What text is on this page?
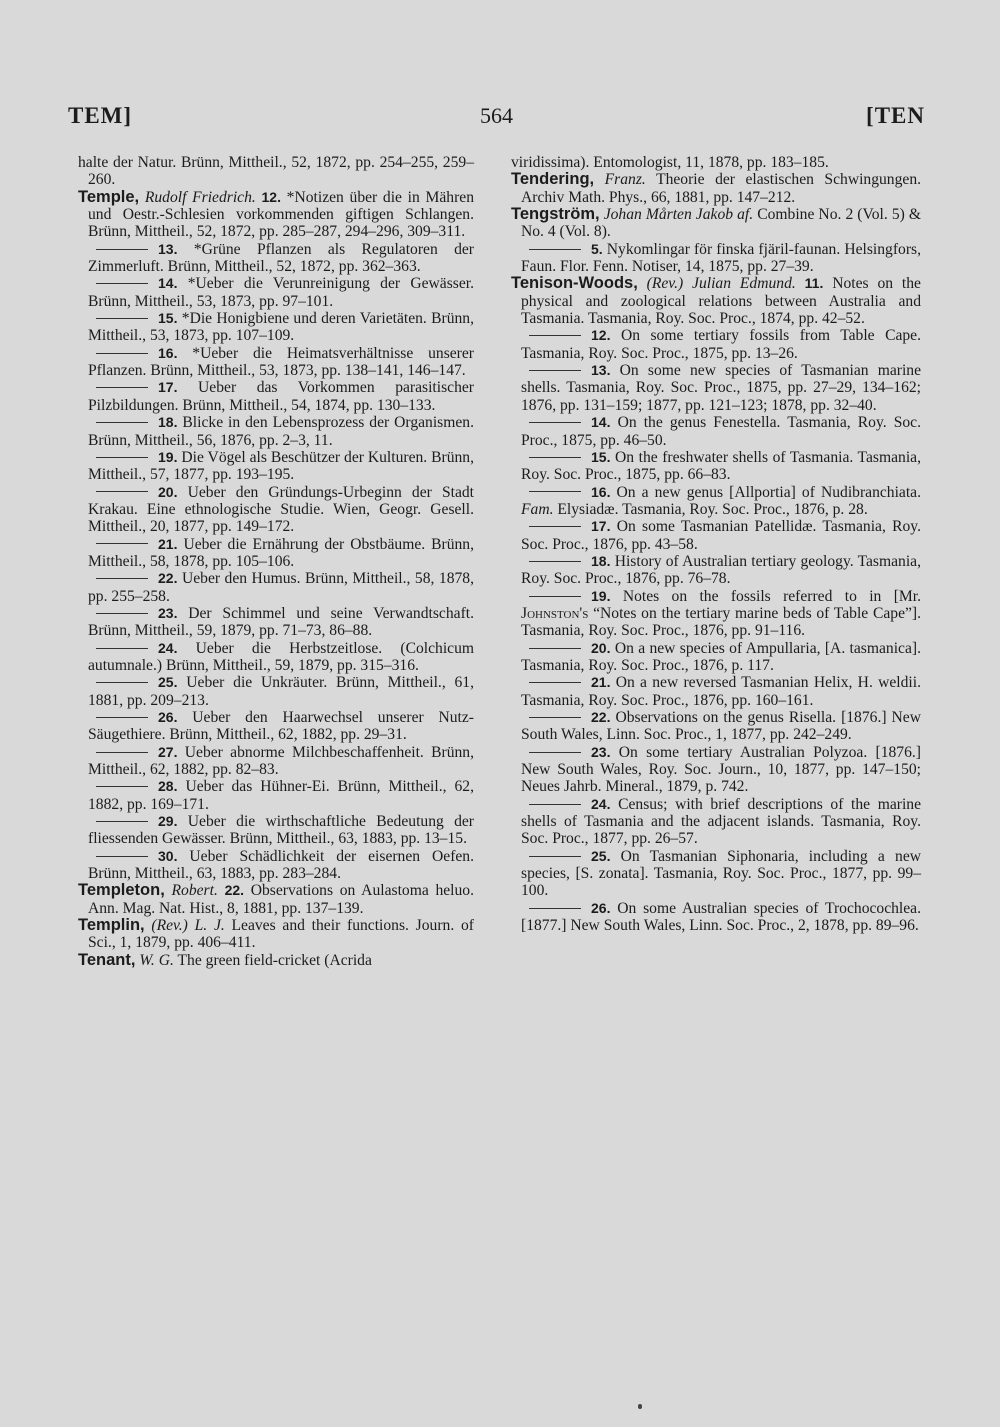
TEM]	564	[TEN

halte der Natur. Brünn, Mittheil., 52, 1872, pp. 254–255, 259–260.

Temple, Rudolf Friedrich. 12. *Notizen über die in Mähren und Oestr.-Schlesien vorkommenden giftigen Schlangen. Brünn, Mittheil., 52, 1872, pp. 285–287, 294–296, 309–311.

13. *Grüne Pflanzen als Regulatoren der Zimmerluft. Brünn, Mittheil., 52, 1872, pp. 362–363.

14. *Ueber die Verunreinigung der Gewässer. Brünn, Mittheil., 53, 1873, pp. 97–101.

15. *Die Honigbiene und deren Varietäten. Brünn, Mittheil., 53, 1873, pp. 107–109.

16. *Ueber die Heimatsverhältnisse unserer Pflanzen. Brünn, Mittheil., 53, 1873, pp. 138–141, 146–147.

17. Ueber das Vorkommen parasitischer Pilzbildungen. Brünn, Mittheil., 54, 1874, pp. 130–133.

18. Blicke in den Lebensprozess der Organismen. Brünn, Mittheil., 56, 1876, pp. 2–3, 11.

19. Die Vögel als Beschützer der Kulturen. Brünn, Mittheil., 57, 1877, pp. 193–195.

20. Ueber den Gründungs-Urbeginn der Stadt Krakau. Eine ethnologische Studie. Wien, Geogr. Gesell. Mittheil., 20, 1877, pp. 149–172.

21. Ueber die Ernährung der Obstbäume. Brünn, Mittheil., 58, 1878, pp. 105–106.

22. Ueber den Humus. Brünn, Mittheil., 58, 1878, pp. 255–258.

23. Der Schimmel und seine Verwandtschaft. Brünn, Mittheil., 59, 1879, pp. 71–73, 86–88.

24. Ueber die Herbstzeitlose. (Colchicum autumnale.) Brünn, Mittheil., 59, 1879, pp. 315–316.

25. Ueber die Unkräuter. Brünn, Mittheil., 61, 1881, pp. 209–213.

26. Ueber den Haarwechsel unserer Nutz-Säugethiere. Brünn, Mittheil., 62, 1882, pp. 29–31.

27. Ueber abnorme Milchbeschaffenheit. Brünn, Mittheil., 62, 1882, pp. 82–83.

28. Ueber das Hühner-Ei. Brünn, Mittheil., 62, 1882, pp. 169–171.

29. Ueber die wirthschaftliche Bedeutung der fliessenden Gewässer. Brünn, Mittheil., 63, 1883, pp. 13–15.

30. Ueber Schädlichkeit der eisernen Oefen. Brünn, Mittheil., 63, 1883, pp. 283–284.

Templeton, Robert. 22. Observations on Aulastoma heluo. Ann. Mag. Nat. Hist., 8, 1881, pp. 137–139.

Templin, (Rev.) L. J. Leaves and their functions. Journ. of Sci., 1, 1879, pp. 406–411.

Tenant, W. G. The green field-cricket (Acrida

viridissima). Entomologist, 11, 1878, pp. 183–185.

Tendering, Franz. Theorie der elastischen Schwingungen. Archiv Math. Phys., 66, 1881, pp. 147–212.

Tengström, Johan Mårten Jakob af. Combine No. 2 (Vol. 5) & No. 4 (Vol. 8).

5. Nykomlingar för finska fjäril-faunan. Helsingfors, Faun. Flor. Fenn. Notiser, 14, 1875, pp. 27–39.

Tenison-Woods, (Rev.) Julian Edmund. 11. Notes on the physical and zoological relations between Australia and Tasmania. Tasmania, Roy. Soc. Proc., 1874, pp. 42–52.

12. On some tertiary fossils from Table Cape. Tasmania, Roy. Soc. Proc., 1875, pp. 13–26.

13. On some new species of Tasmanian marine shells. Tasmania, Roy. Soc. Proc., 1875, pp. 27–29, 134–162; 1876, pp. 131–159; 1877, pp. 121–123; 1878, pp. 32–40.

14. On the genus Fenestella. Tasmania, Roy. Soc. Proc., 1875, pp. 46–50.

15. On the freshwater shells of Tasmania. Tasmania, Roy. Soc. Proc., 1875, pp. 66–83.

16. On a new genus [Allportia] of Nudibranchiata. Fam. Elysiadæ. Tasmania, Roy. Soc. Proc., 1876, p. 28.

17. On some Tasmanian Patellidæ. Tasmania, Roy. Soc. Proc., 1876, pp. 43–58.

18. History of Australian tertiary geology. Tasmania, Roy. Soc. Proc., 1876, pp. 76–78.

19. Notes on the fossils referred to in [Mr. Johnston's “Notes on the tertiary marine beds of Table Cape”]. Tasmania, Roy. Soc. Proc., 1876, pp. 91–116.

20. On a new species of Ampullaria, [A. tasmanica]. Tasmania, Roy. Soc. Proc., 1876, p. 117.

21. On a new reversed Tasmanian Helix, H. weldii. Tasmania, Roy. Soc. Proc., 1876, pp. 160–161.

22. Observations on the genus Risella. [1876.] New South Wales, Linn. Soc. Proc., 1, 1877, pp. 242–249.

23. On some tertiary Australian Polyzoa. [1876.] New South Wales, Roy. Soc. Journ., 10, 1877, pp. 147–150; Neues Jahrb. Mineral., 1879, p. 742.

24. Census; with brief descriptions of the marine shells of Tasmania and the adjacent islands. Tasmania, Roy. Soc. Proc., 1877, pp. 26–57.

25. On Tasmanian Siphonaria, including a new species, [S. zonata]. Tasmania, Roy. Soc. Proc., 1877, pp. 99–100.

26. On some Australian species of Trochocochlea. [1877.] New South Wales, Linn. Soc. Proc., 2, 1878, pp. 89–96.
